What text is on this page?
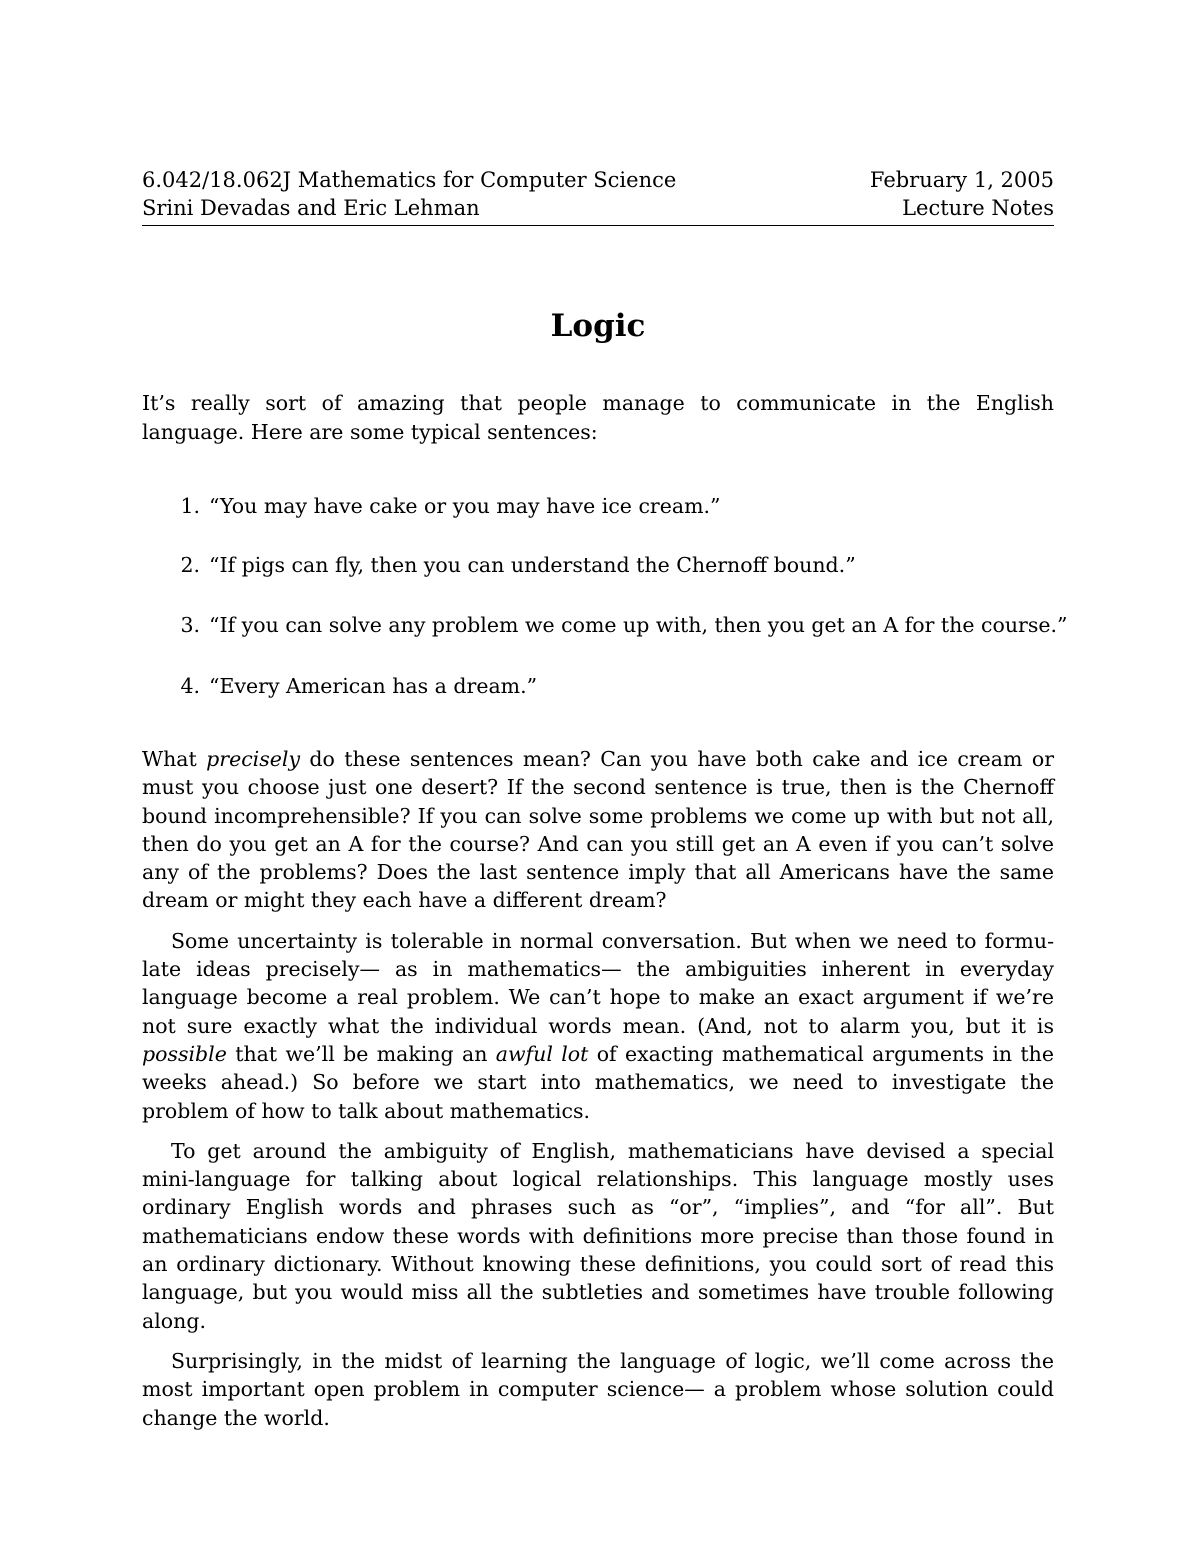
6.042/18.062J Mathematics for Computer Science	February 1, 2005
Srini Devadas and Eric Lehman	Lecture Notes
Logic

It’s really sort of amazing that people manage to communicate in the English language. Here are some typical sentences:

1. “You may have cake or you may have ice cream.”
2. “If pigs can fly, then you can understand the Chernoff bound.”
3. “If you can solve any problem we come up with, then you get an A for the course.”
4. “Every American has a dream.”

What precisely do these sentences mean? Can you have both cake and ice cream or must you choose just one desert? If the second sentence is true, then is the Chernoff bound incomprehensible? If you can solve some problems we come up with but not all, then do you get an A for the course? And can you still get an A even if you can’t solve any of the problems? Does the last sentence imply that all Americans have the same dream or might they each have a different dream?

Some uncertainty is tolerable in normal conversation. But when we need to formulate ideas precisely— as in mathematics— the ambiguities inherent in everyday language become a real problem. We can’t hope to make an exact argument if we’re not sure exactly what the individual words mean. (And, not to alarm you, but it is possible that we’ll be making an awful lot of exacting mathematical arguments in the weeks ahead.) So before we start into mathematics, we need to investigate the problem of how to talk about mathematics.

To get around the ambiguity of English, mathematicians have devised a special mini-language for talking about logical relationships. This language mostly uses ordinary English words and phrases such as “or”, “implies”, and “for all”. But mathematicians endow these words with definitions more precise than those found in an ordinary dictionary. Without knowing these definitions, you could sort of read this language, but you would miss all the subtleties and sometimes have trouble following along.

Surprisingly, in the midst of learning the language of logic, we’ll come across the most important open problem in computer science— a problem whose solution could change the world.
